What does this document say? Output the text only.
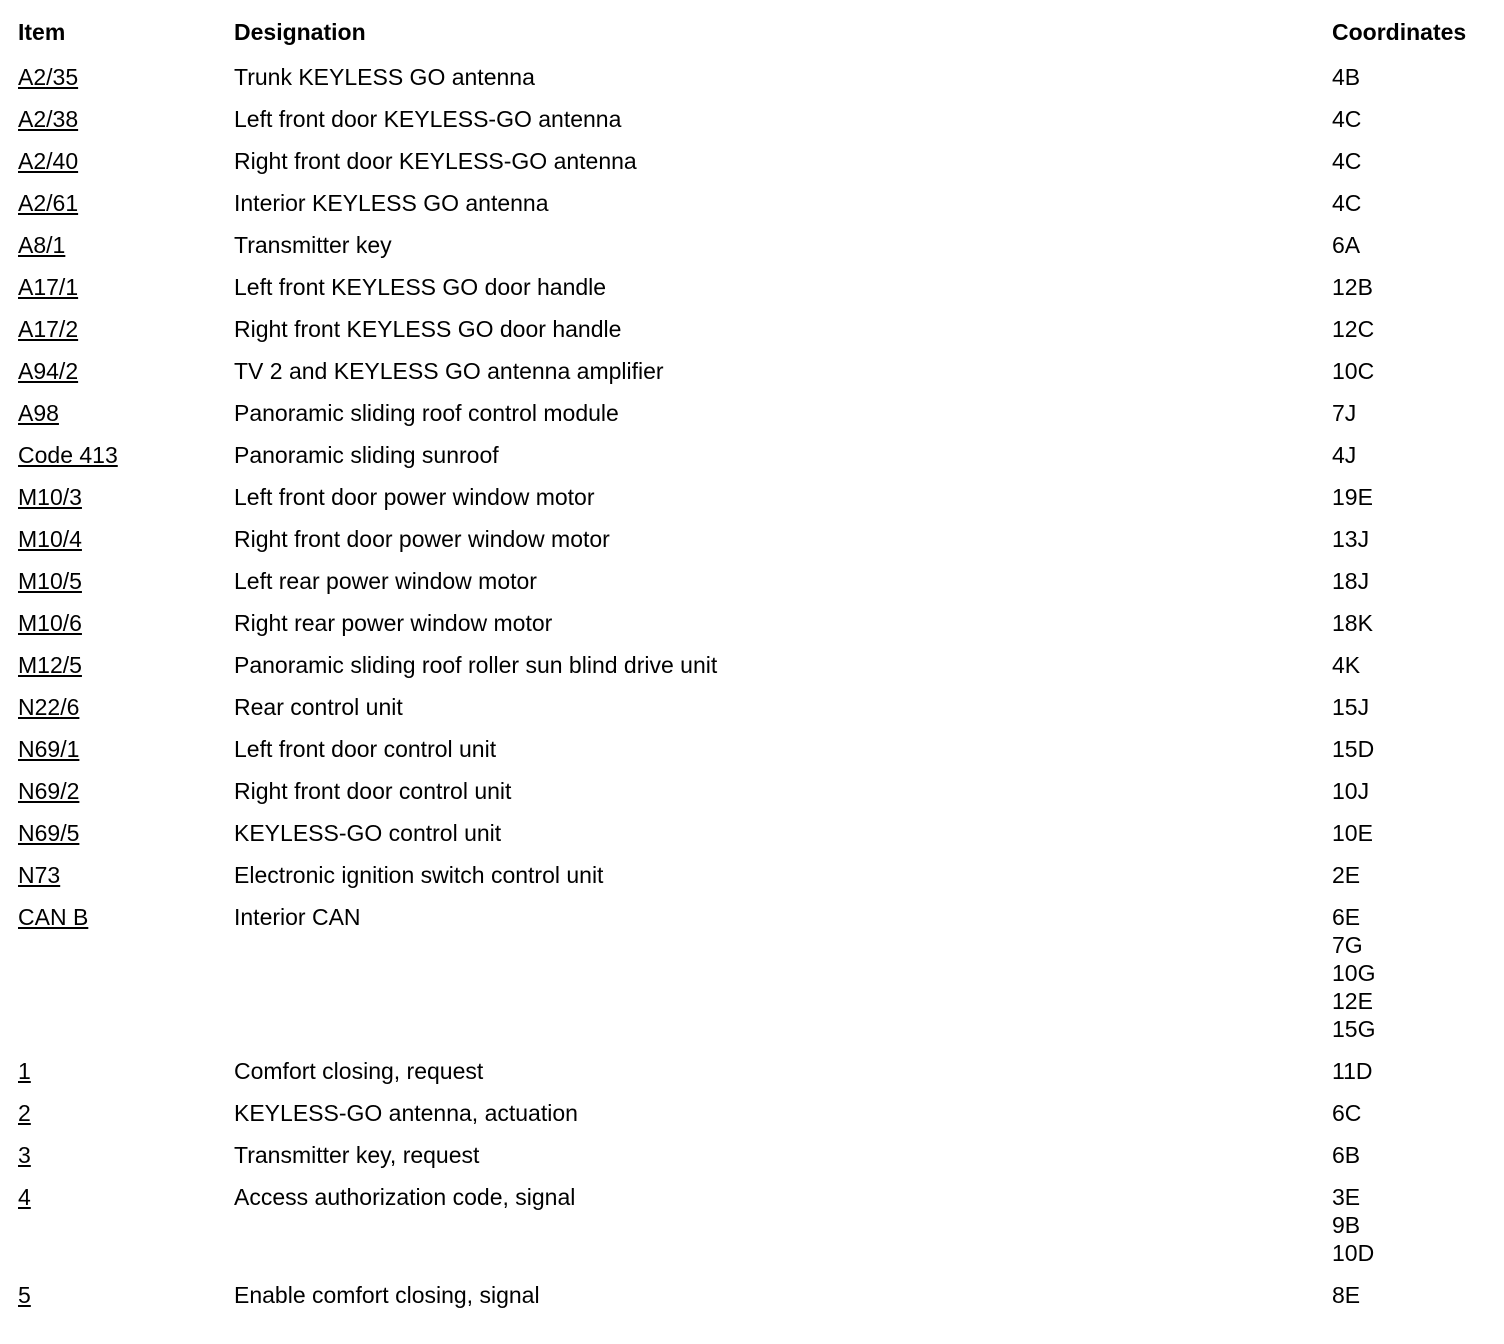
Item	Designation	Coordinates
A2/35	Trunk KEYLESS GO antenna	4B

A2/38	Left front door KEYLESS-GO antenna	4C

A2/40	Right front door KEYLESS-GO antenna	4C

A2/61	Interior KEYLESS GO antenna	4C

A8/1	Transmitter key	6A

A17/1	Left front KEYLESS GO door handle	12B

A17/2	Right front KEYLESS GO door handle	12C

A94/2	TV 2 and KEYLESS GO antenna amplifier	10C

A98	Panoramic sliding roof control module	7J

Code 413	Panoramic sliding sunroof	4J

M10/3	Left front door power window motor	19E

M10/4	Right front door power window motor	13J

M10/5	Left rear power window motor	18J

M10/6	Right rear power window motor	18K

M12/5	Panoramic sliding roof roller sun blind drive unit	4K

N22/6	Rear control unit	15J

N69/1	Left front door control unit	15D

N69/2	Right front door control unit	10J

N69/5	KEYLESS-GO control unit	10E

N73	Electronic ignition switch control unit	2E

CAN B	Interior CAN	6E
7G
10G
12E
15G

1	Comfort closing, request	11D

2	KEYLESS-GO antenna, actuation	6C

3	Transmitter key, request	6B

4	Access authorization code, signal	3E
9B
10D

5	Enable comfort closing, signal	8E
